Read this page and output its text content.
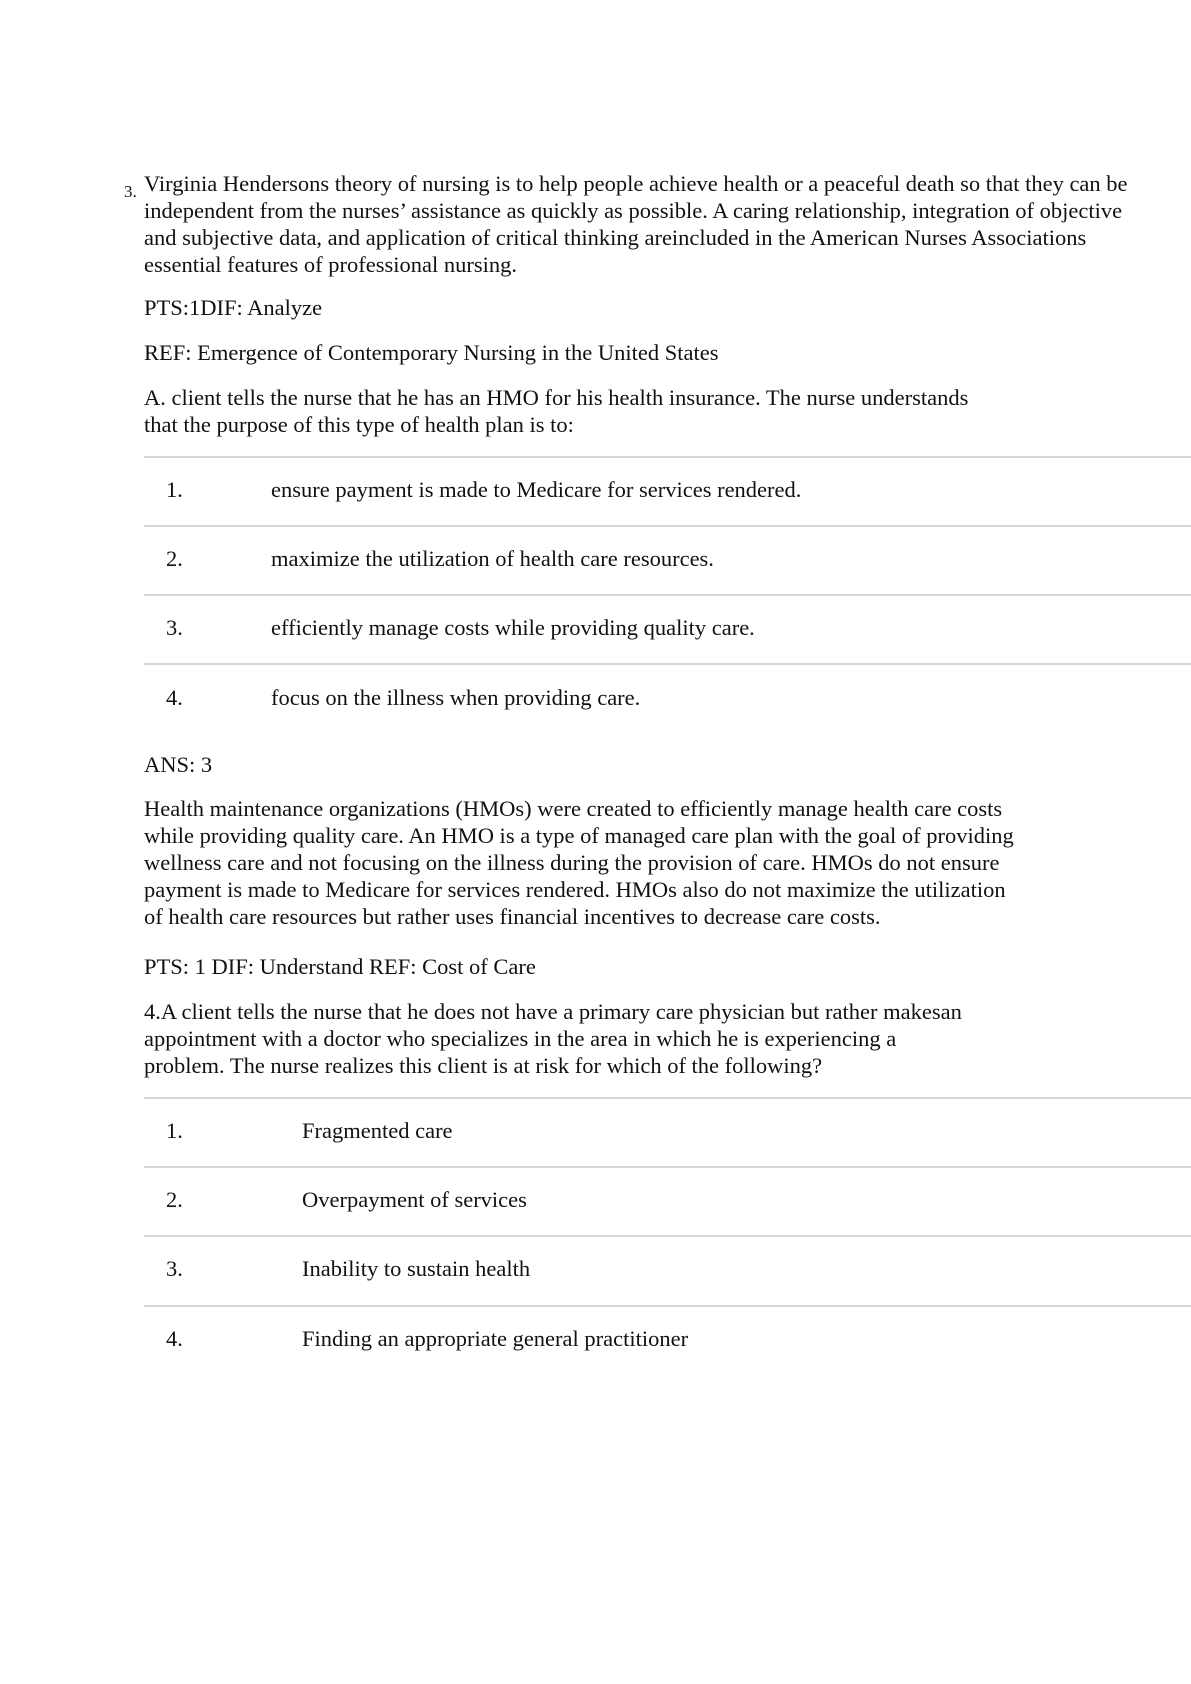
3. Virginia Hendersons theory of nursing is to help people achieve health or a peaceful death so that they can be
independent from the nurses’ assistance as quickly as possible. A caring relationship, integration of objective
and subjective data, and application of critical thinking areincluded in the American Nurses Associations
essential features of professional nursing.
PTS:1DIF: Analyze
REF: Emergence of Contemporary Nursing in the United States
A. client tells the nurse that he has an HMO for his health insurance. The nurse understands
that the purpose of this type of health plan is to:
1.	ensure payment is made to Medicare for services rendered.
2.	maximize the utilization of health care resources.
3.	efficiently manage costs while providing quality care.
4.	focus on the illness when providing care.
ANS: 3
Health maintenance organizations (HMOs) were created to efficiently manage health care costs
while providing quality care. An HMO is a type of managed care plan with the goal of providing
wellness care and not focusing on the illness during the provision of care. HMOs do not ensure
payment is made to Medicare for services rendered. HMOs also do not maximize the utilization
of health care resources but rather uses financial incentives to decrease care costs.
PTS: 1 DIF: Understand REF: Cost of Care
4.A client tells the nurse that he does not have a primary care physician but rather makesan
appointment with a doctor who specializes in the area in which he is experiencing a
problem. The nurse realizes this client is at risk for which of the following?
1.	Fragmented care
2.	Overpayment of services
3.	Inability to sustain health
4.	Finding an appropriate general practitioner
